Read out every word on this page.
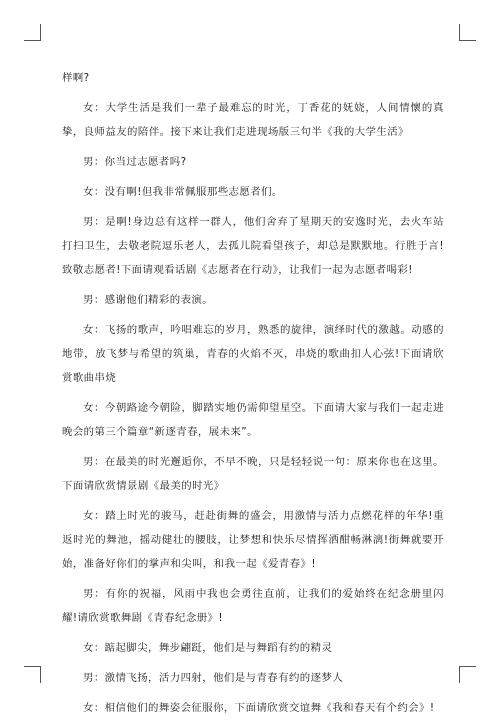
样啊?

女：大学生活是我们一辈子最难忘的时光，丁香花的妩娆，人间情懷的真挚，良师益友的陪伴。接下来让我们走进现场版三句半《我的大学生活》

男：你当过志愿者吗?

女：没有啊!但我非常佩服那些志愿者们。

男：是啊!身边总有这样一群人，他们舍弃了星期天的安逸时光，去火车站打扫卫生，去敬老院逗乐老人，去孤儿院看望孩子，却总是默默地。行胜于言!致敬志愿者!下面请观看话剧《志愿者在行动》，让我们一起为志愿者喝彩!

男：感谢他们精彩的表演。

女：飞扬的歌声，吟唱难忘的岁月，熟悉的旋律，演绎时代的激越。动感的地带，放飞梦与希望的筑巢，青春的火焰不灭，串烧的歌曲扣人心弦!下面请欣赏歌曲串烧

女：今朝路途今朝险，脚踏实地仍需仰望星空。下面请大家与我们一起走进晚会的第三个篇章“新逐青春，展未来”。

男：在最美的时光邂逅你，不早不晚，只是轻轻说一句：原来你也在这里。下面请欣赏情景剧《最美的时光》

女：踏上时光的骏马，赶赴街舞的盛会，用激情与活力点燃花样的年华!重返时光的舞池，摇动健壮的腰肢，让梦想和快乐尽情挥洒酣畅淋漓!街舞就要开始，准备好你们的掌声和尖叫，和我一起《爱青春》!

男：有你的祝福，风雨中我也会勇往直前，让我们的爱始终在纪念册里闪耀!请欣赏歌舞剧《青春纪念册》!

女：踮起脚尖，舞步翩跹，他们是与舞蹈有约的精灵

男：激情飞扬，活力四射，他们是与青春有约的逐梦人

女：相信他们的舞姿会征服你，下面请欣赏交谊舞《我和春天有个约会》!
